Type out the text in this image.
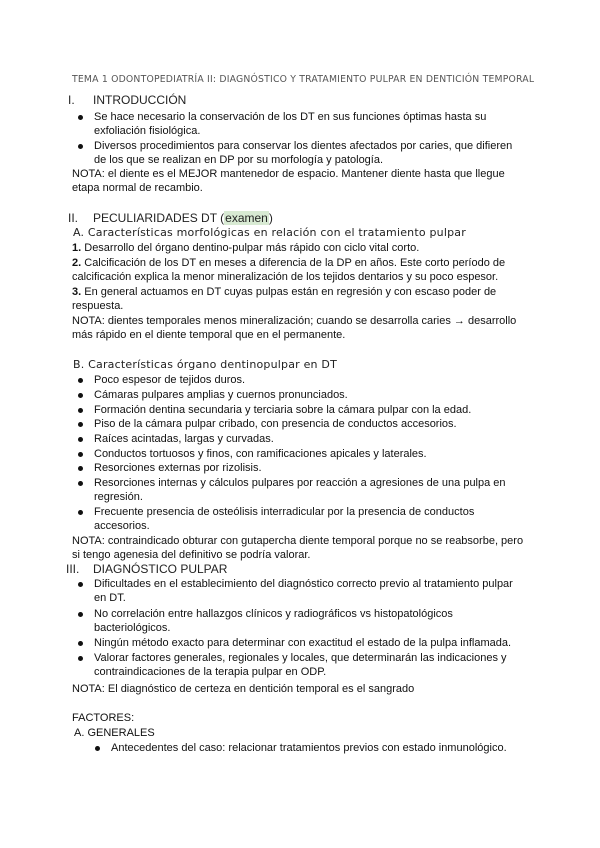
TEMA 1 ODONTOPEDIATRÍA II: DIAGNÓSTICO Y TRATAMIENTO PULPAR EN DENTICIÓN TEMPORAL
I. INTRODUCCIÓN
Se hace necesario la conservación de los DT en sus funciones óptimas hasta su
exfoliación fisiológica.
Diversos procedimientos para conservar los dientes afectados por caries, que difieren
de los que se realizan en DP por su morfología y patología.
NOTA: el diente es el MEJOR mantenedor de espacio. Mantener diente hasta que llegue
etapa normal de recambio.
II. PECULIARIDADES DT (examen)
A. Características morfológicas en relación con el tratamiento pulpar
1. Desarrollo del órgano dentino-pulpar más rápido con ciclo vital corto.
2. Calcificación de los DT en meses a diferencia de la DP en años. Este corto período de
calcificación explica la menor mineralización de los tejidos dentarios y su poco espesor.
3. En general actuamos en DT cuyas pulpas están en regresión y con escaso poder de
respuesta.
NOTA: dientes temporales menos mineralización; cuando se desarrolla caries → desarrollo
más rápido en el diente temporal que en el permanente.
B. Características órgano dentinopulpar en DT
Poco espesor de tejidos duros.
Cámaras pulpares amplias y cuernos pronunciados.
Formación dentina secundaria y terciaria sobre la cámara pulpar con la edad.
Piso de la cámara pulpar cribado, con presencia de conductos accesorios.
Raíces acintadas, largas y curvadas.
Conductos tortuosos y finos, con ramificaciones apicales y laterales.
Resorciones externas por rizolisis.
Resorciones internas y cálculos pulpares por reacción a agresiones de una pulpa en
regresión.
Frecuente presencia de osteólisis interradicular por la presencia de conductos
accesorios.
NOTA: contraindicado obturar con gutapercha diente temporal porque no se reabsorbe, pero
si tengo agenesia del definitivo se podría valorar.
III. DIAGNÓSTICO PULPAR
Dificultades en el establecimiento del diagnóstico correcto previo al tratamiento pulpar
en DT.
No correlación entre hallazgos clínicos y radiográficos vs histopatológicos
bacteriológicos.
Ningún método exacto para determinar con exactitud el estado de la pulpa inflamada.
Valorar factores generales, regionales y locales, que determinarán las indicaciones y
contraindicaciones de la terapia pulpar en ODP.
NOTA: El diagnóstico de certeza en dentición temporal es el sangrado
FACTORES:
A. GENERALES
Antecedentes del caso: relacionar tratamientos previos con estado inmunológico.
